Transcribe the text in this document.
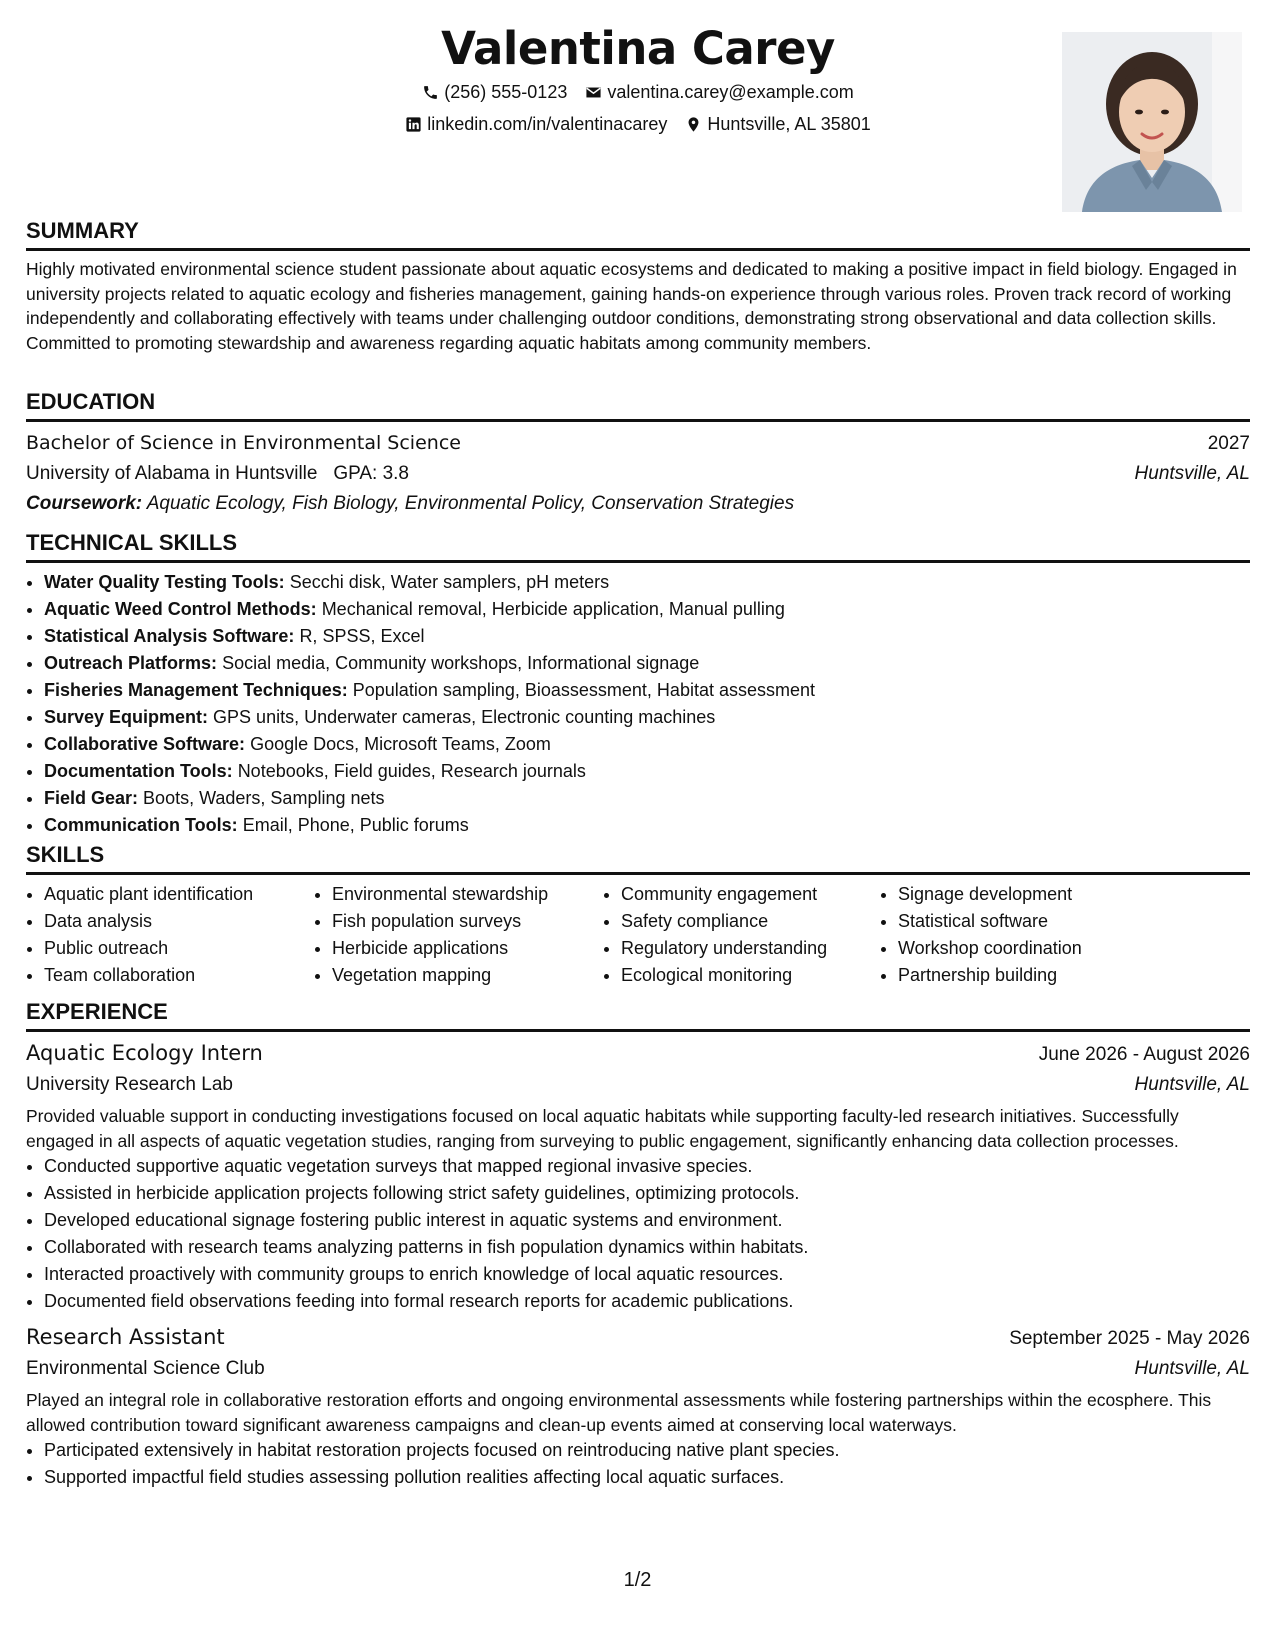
Valentina Carey
(256) 555-0123 valentina.carey@example.com
linkedin.com/in/valentinacarey Huntsville, AL 35801
SUMMARY

Highly motivated environmental science student passionate about aquatic ecosystems and dedicated to making a positive impact in field biology. Engaged in university projects related to aquatic ecology and fisheries management, gaining hands-on experience through various roles. Proven track record of working independently and collaborating effectively with teams under challenging outdoor conditions, demonstrating strong observational and data collection skills. Committed to promoting stewardship and awareness regarding aquatic habitats among community members.

EDUCATION
Bachelor of Science in Environmental Science	2027
University of Alabama in Huntsville GPA: 3.8	Huntsville, AL
Coursework: Aquatic Ecology, Fish Biology, Environmental Policy, Conservation Strategies
TECHNICAL SKILLS
• Water Quality Testing Tools: Secchi disk, Water samplers, pH meters
• Aquatic Weed Control Methods: Mechanical removal, Herbicide application, Manual pulling
• Statistical Analysis Software: R, SPSS, Excel
• Outreach Platforms: Social media, Community workshops, Informational signage
• Fisheries Management Techniques: Population sampling, Bioassessment, Habitat assessment
• Survey Equipment: GPS units, Underwater cameras, Electronic counting machines
• Collaborative Software: Google Docs, Microsoft Teams, Zoom
• Documentation Tools: Notebooks, Field guides, Research journals
• Field Gear: Boots, Waders, Sampling nets
• Communication Tools: Email, Phone, Public forums
SKILLS
• Aquatic plant identification
• Data analysis
• Public outreach
• Team collaboration
• Environmental stewardship
• Fish population surveys
• Herbicide applications
• Vegetation mapping
• Community engagement
• Safety compliance
• Regulatory understanding
• Ecological monitoring
• Signage development
• Statistical software
• Workshop coordination
• Partnership building
EXPERIENCE
Aquatic Ecology Intern	June 2026 - August 2026
University Research Lab	Huntsville, AL

Provided valuable support in conducting investigations focused on local aquatic habitats while supporting faculty-led research initiatives. Successfully engaged in all aspects of aquatic vegetation studies, ranging from surveying to public engagement, significantly enhancing data collection processes.

• Conducted supportive aquatic vegetation surveys that mapped regional invasive species.
• Assisted in herbicide application projects following strict safety guidelines, optimizing protocols.
• Developed educational signage fostering public interest in aquatic systems and environment.
• Collaborated with research teams analyzing patterns in fish population dynamics within habitats.
• Interacted proactively with community groups to enrich knowledge of local aquatic resources.
• Documented field observations feeding into formal research reports for academic publications.
Research Assistant	September 2025 - May 2026
Environmental Science Club	Huntsville, AL

Played an integral role in collaborative restoration efforts and ongoing environmental assessments while fostering partnerships within the ecosphere. This allowed contribution toward significant awareness campaigns and clean-up events aimed at conserving local waterways.

• Participated extensively in habitat restoration projects focused on reintroducing native plant species.
• Supported impactful field studies assessing pollution realities affecting local aquatic surfaces.
1/2
